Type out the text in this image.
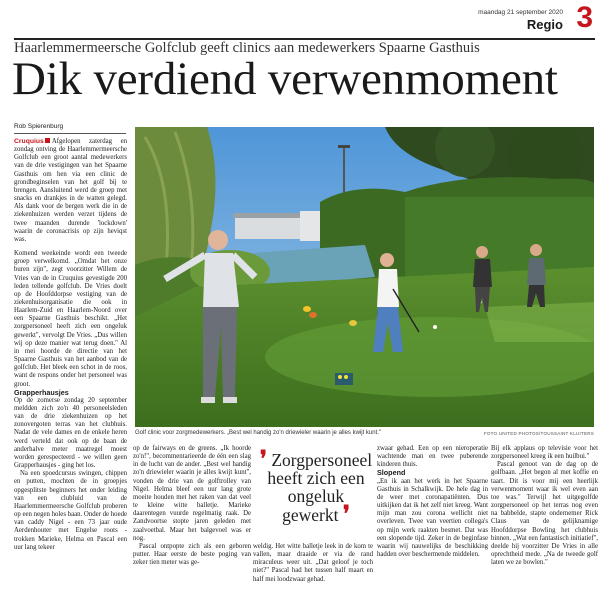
maandag 21 september 2020
Regio 3
Haarlemmermeersche Golfclub geeft clinics aan medewerkers Spaarne Gasthuis
Dik verdiend verwenmoment
Rob Spierenburg

Cruquius Afgelopen zaterdag en zondag ontving de Haarlemmermeersche Golfclub een groot aantal medewerkers van de drie vestigingen van het Spaarne Gasthuis om hen via een clinic de grondbeginselen van het golf bij te brengen. Aansluitend werd de groep met snacks en drankjes in de watten gelegd. Als dank voor de bergen werk die in de ziekenhuizen werden verzet tijdens de twee maanden durende 'lockdown' waarin de coronacrisis op zijn heviqst was.

Komend weekeinde wordt een tweede groep verwelkomd. „Omdat het onze buren zijn", zegt voorzitter Willem de Vries van de in Cruquius gevestigde 200 leden tellende golfclub. De Vries doelt op de Hoofddorpse vestiging van de ziekenhuisorganisatie die ook in Haarlem-Zuid en Haarlem-Noord over een Spaarne Gasthuis beschikt. „Het zorgpersoneel heeft zich een ongeluk gewerkt", vervolgt De Vries. „Dus willen wij op deze manier wat terug doen." Al in mei hoorde de directie van het Spaarne Gasthuis van het aanbod van de golfclub. Het bleek een schot in de roos, want de respons onder het personeel was groot.

Grapperhausjes

Op de zomerse zondag 20 september meldden zich zo'n 40 personeelsleden van de drie ziekenhuizen op het zonovergoten terras van het clubhuis. Nadat de vele dames en de enkele heren werd verteld dat ook op de baan de anderhalve meter maatregel moest worden gerespecteerd - we willen geen Grapperhausjes - ging het los.

Na een spoedcursus swingen, chippen en putten, mochten de in groepjes opgesplitste beginners het onder leiding van een clubluid van de Haarlemmermeersche Golfclub proberen op een negen holes baan. Onder de hoede van caddy Nigel - een 73 jaar oude Aerdenhouter met Engelse roots - trokken Marieke, Helma en Pascal een uur lang tekeer

Golf clinic voor zorgmedewerkers. „Best wel handig zo'n driewieler waarin je alles kwijt kunt."	FOTO UNITED PHOTOS/TOUSSAINT KLUITERS

op de fairways en de greens. „Ik hoorde zo'n!", becommentarieerde de één een slag in de lucht van de ander. „Best wel handig zo'n driewieler waarin je alles kwijt kunt", vonden de drie van de golftrolley van Nigel. Helma bleef een uur lang grote moeite houden met het raken van dat veel te kleine witte balletje. Marieke daarentegen vuurde regelmatig raak. De Zandvoortse stopte jaren geleden met zaalvoetbal. Maar het balgevoel was er nog.

Pascal ontpopte zich als een geboren putter. Haar eerste de beste poging van zeker tien meter was ge-

❜ Zorgpersoneel heeft zich een ongeluk gewerkt ❜

weldig. Het witte balletje leek in de kom te vallen, maar draaide er via de rand miraculeus weer uit. „Dat geloof je toch niet?" Pascal had het tussen half maart en half mei loodzwaar gehad.

zwaar gehad. Een op een nieroperatie wachtende man en twee puberende kinderen thuis.

Slopend

„En ik aan het werk in het Spaarne Gasthuis in Schalkwijk. De hele dag in de weer met coronapatiënten. Dus uitkijken dat ik het zelf niet kreeg. Want mijn man zou corona wellicht niet overleven. Twee van veertien collega's op mijn werk raakten besmet. Dat was een slopende tijd. Zeker in de beginfase waarin wij nauwelijks de beschikking hadden over beschermende middelen.

Bij elk applaus op televisie voor het zorgpersoneel kreeg ik een huilbui."

Pascal genoot van de dag op de golfbaan. „Het begon al met koffie en taart. Dit is voor mij een heerlijk verwenmoment waar ik wel even aan toe was." Terwijl het uitgegolfde zorgpersoneel op het terras nog even na babbelde, stapte ondernemer Rick Claus van de gelijknamige Hoofddorpse Bowling het clubhuis binnen. „Wat een fantastisch initiatief", deelde hij voorzitter De Vries in alle oprechtheid mede. „Na de tweede golf laten we ze bowlen."
